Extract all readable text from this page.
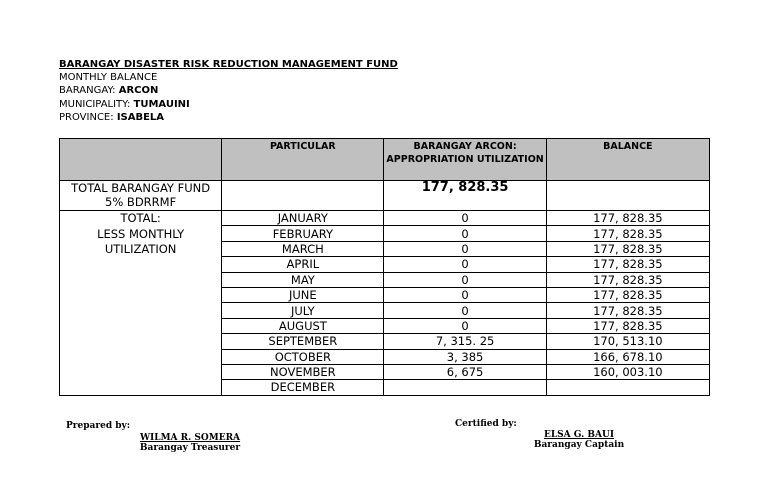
BARANGAY DISASTER RISK REDUCTION MANAGEMENT FUND
MONTHLY BALANCE
BARANGAY: ARCON
MUNICIPALITY: TUMAUINI
PROVINCE: ISABELA
	PARTICULAR	BARANGAY ARCON: APPROPRIATION UTILIZATION	BALANCE

TOTAL BARANGAY FUND
5% BDRRMF		177, 828.35	

TOTAL:
LESS MONTHLY
UTILIZATION	JANUARY	0	177, 828.35
	FEBRUARY	0	177, 828.35
	MARCH	0	177, 828.35
	APRIL	0	177, 828.35
	MAY	0	177, 828.35
	JUNE	0	177, 828.35
	JULY	0	177, 828.35
	AUGUST	0	177, 828.35
	SEPTEMBER	7, 315. 25	170, 513.10
	OCTOBER	3, 385	166, 678.10
	NOVEMBER	6, 675	160, 003.10
	DECEMBER		
Prepared by:
WILMA R. SOMERA
Barangay Treasurer
Certified by:
ELSA G. BAUI
Barangay Captain
